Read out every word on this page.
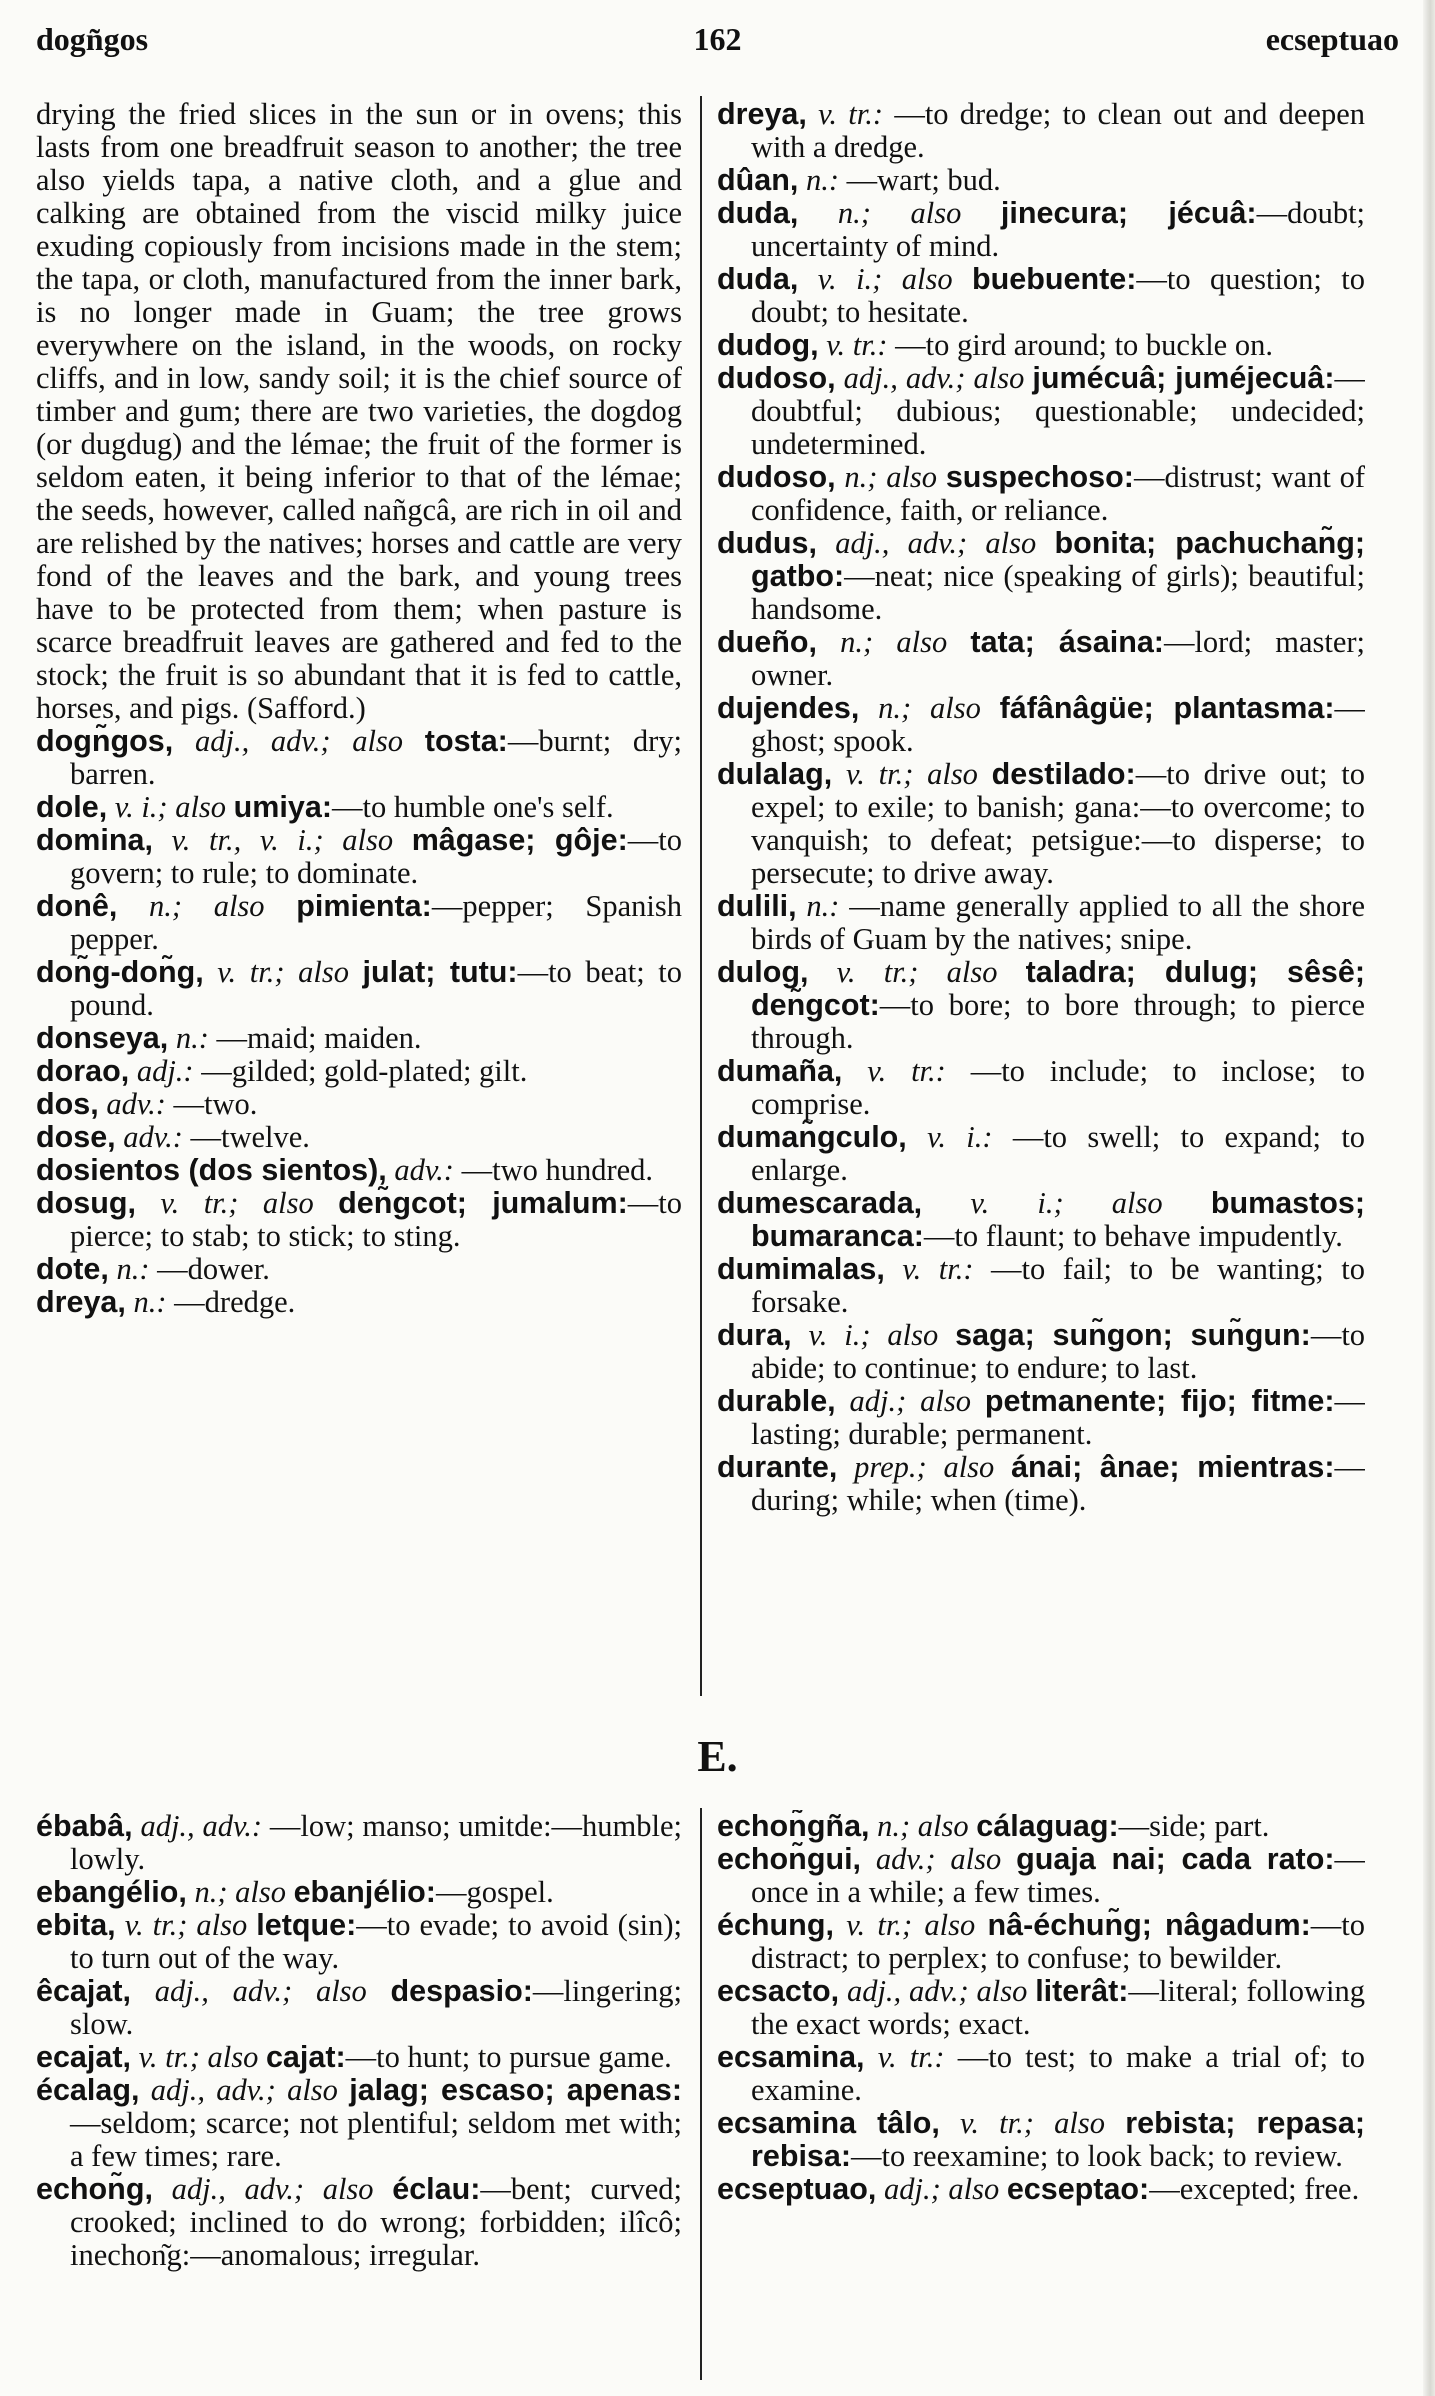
dogn͂gos	162	ecseptuao
drying the fried slices in the sun or in ovens; this lasts from one breadfruit season to another; the tree also yields tapa, a native cloth, and a glue and calking are obtained from the viscid milky juice exuding copiously from incisions made in the stem; the tapa, or cloth, manufactured from the inner bark, is no longer made in Guam; the tree grows everywhere on the island, in the woods, on rocky cliffs, and in low, sandy soil; it is the chief source of timber and gum; there are two varieties, the dogdog (or dugdug) and the lémae; the fruit of the former is seldom eaten, it being inferior to that of the lémae; the seeds, however, called nañgcâ, are rich in oil and are relished by the natives; horses and cattle are very fond of the leaves and the bark, and young trees have to be protected from them; when pasture is scarce breadfruit leaves are gathered and fed to the stock; the fruit is so abundant that it is fed to cattle, horses, and pigs. (Safford.)
dogn͂gos, adj., adv.; also tosta:—burnt; dry; barren.
dole, v. i.; also umiya:—to humble one's self.
domina, v. tr., v. i.; also mâgase; gôje:—to govern; to rule; to dominate.
donê, n.; also pimienta:—pepper; Spanish pepper.
don͂g-don͂g, v. tr.; also julat; tutu:—to beat; to pound.
donseya, n.: —maid; maiden.
dorao, adj.: —gilded; gold-plated; gilt.
dos, adv.: —two.
dose, adv.: —twelve.
dosientos (dos sientos), adv.: —two hundred.
dosug, v. tr.; also den͂gcot; jumalum:—to pierce; to stab; to stick; to sting.
dote, n.: —dower.
dreya, n.: —dredge.
dreya, v. tr.: —to dredge; to clean out and deepen with a dredge.
dûan, n.: —wart; bud.
duda, n.; also jinecura; jécuâ:—doubt; uncertainty of mind.
duda, v. i.; also buebuente:—to question; to doubt; to hesitate.
dudog, v. tr.: —to gird around; to buckle on.
dudoso, adj., adv.; also jumécuâ; juméjecuâ:—doubtful; dubious; questionable; undecided; undetermined.
dudoso, n.; also suspechoso:—distrust; want of confidence, faith, or reliance.
dudus, adj., adv.; also bonita; pachuchan͂g; gatbo:—neat; nice (speaking of girls); beautiful; handsome.
dueño, n.; also tata; ásaina:—lord; master; owner.
dujendes, n.; also fáfânâgüe; plantasma:—ghost; spook.
dulalag, v. tr.; also destilado:—to drive out; to expel; to exile; to banish; gana:—to overcome; to vanquish; to defeat; petsigue:—to disperse; to persecute; to drive away.
dulili, n.: —name generally applied to all the shore birds of Guam by the natives; snipe.
dulog, v. tr.; also taladra; dulug; sêsê; den͂gcot:—to bore; to bore through; to pierce through.
dumaña, v. tr.: —to include; to inclose; to comprise.
duman͂gculo, v. i.: —to swell; to expand; to enlarge.
dumescarada, v. i.; also bumastos; bumaranca:—to flaunt; to behave impudently.
dumimalas, v. tr.: —to fail; to be wanting; to forsake.
dura, v. i.; also saga; sun͂gon; sun͂gun:—to abide; to continue; to endure; to last.
durable, adj.; also petmanente; fijo; fitme:—lasting; durable; permanent.
durante, prep.; also ánai; ânae; mientras:—during; while; when (time).
E.
ébabâ, adj., adv.: —low; manso; umitde:—humble; lowly.
ebangélio, n.; also ebanjélio:—gospel.
ebita, v. tr.; also letque:—to evade; to avoid (sin); to turn out of the way.
êcajat, adj., adv.; also despasio:—lingering; slow.
ecajat, v. tr.; also cajat:—to hunt; to pursue game.
écalag, adj., adv.; also jalag; escaso; apenas:—seldom; scarce; not plentiful; seldom met with; a few times; rare.
echon͂g, adj., adv.; also éclau:—bent; curved; crooked; inclined to do wrong; forbidden; ilîcô; inechon͂g:—anomalous; irregular.
echon͂gña, n.; also cálaguag:—side; part.
echon͂gui, adv.; also guaja nai; cada rato:—once in a while; a few times.
échung, v. tr.; also nâ-échun͂g; nâgadum:—to distract; to perplex; to confuse; to bewilder.
ecsacto, adj., adv.; also literât:—literal; following the exact words; exact.
ecsamina, v. tr.: —to test; to make a trial of; to examine.
ecsamina tâlo, v. tr.; also rebista; repasa; rebisa:—to reexamine; to look back; to review.
ecseptuao, adj.; also ecseptao:—excepted; free.
